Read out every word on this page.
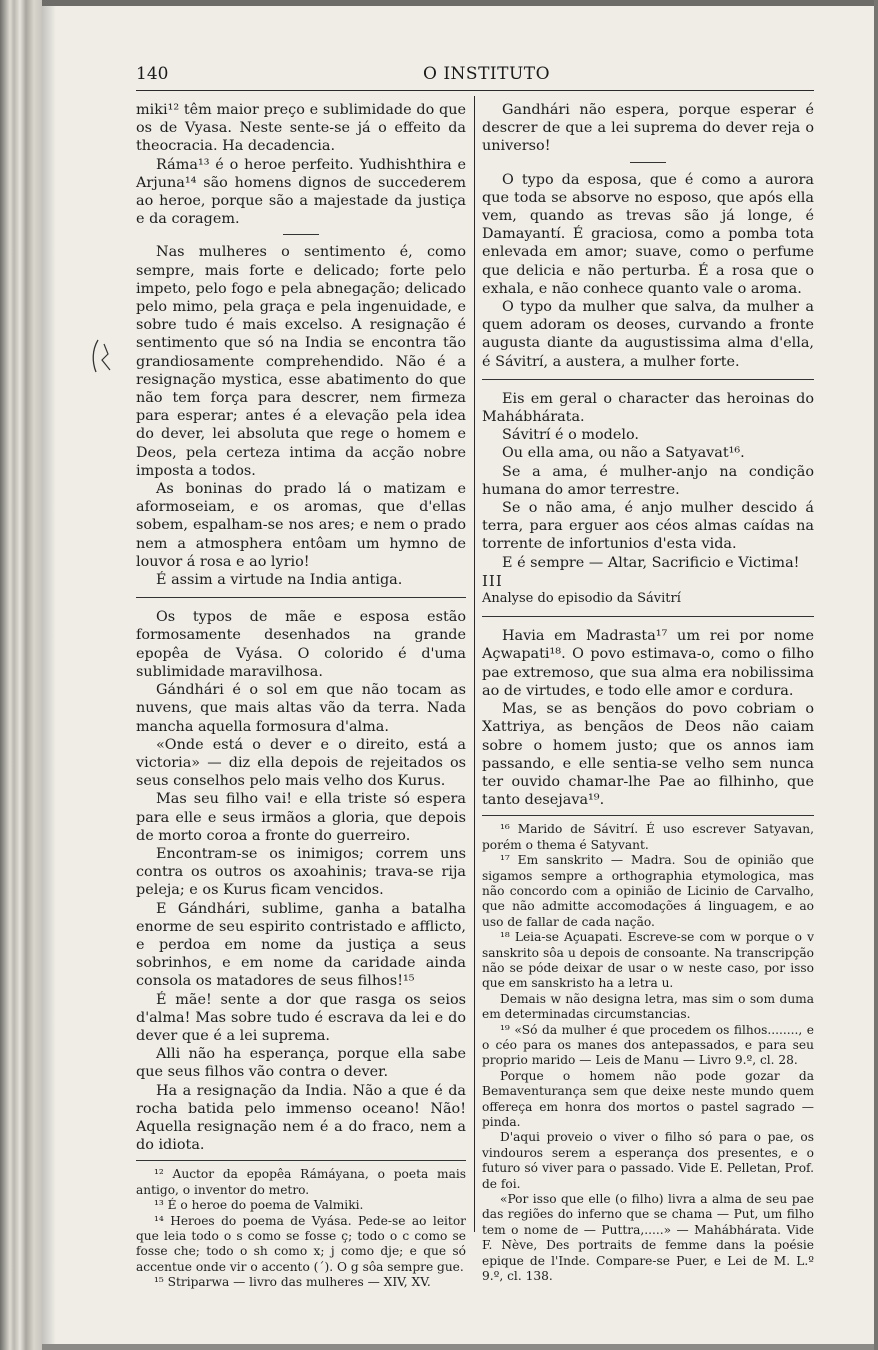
140	O INSTITUTO

miki¹² têm maior preço e sublimidade do que os de Vyasa. Neste sente-se já o effeito da theocracia. Ha decadencia.

Ráma¹³ é o heroe perfeito. Yudhishthira e Arjuna¹⁴ são homens dignos de succederem ao heroe, porque são a majestade da justiça e da coragem.

Nas mulheres o sentimento é, como sempre, mais forte e delicado; forte pelo impeto, pelo fogo e pela abnegação; delicado pelo mimo, pela graça e pela ingenuidade, e sobre tudo é mais excelso. A resignação é sentimento que só na India se encontra tão grandiosamente comprehendido. Não é a resignação mystica, esse abatimento do que não tem força para descrer, nem firmeza para esperar; antes é a elevação pela idea do dever, lei absoluta que rege o homem e Deos, pela certeza intima da acção nobre imposta a todos.

As boninas do prado lá o matizam e aformoseiam, e os aromas, que d'ellas sobem, espalham-se nos ares; e nem o prado nem a atmosphera entôam um hymno de louvor á rosa e ao lyrio!

É assim a virtude na India antiga.

Os typos de mãe e esposa estão formosamente desenhados na grande epopêa de Vyása. O colorido é d'uma sublimidade maravilhosa.

Gándhári é o sol em que não tocam as nuvens, que mais altas vão da terra. Nada mancha aquella formosura d'alma.

«Onde está o dever e o direito, está a victoria» — diz ella depois de rejeitados os seus conselhos pelo mais velho dos Kurus.

Mas seu filho vai! e ella triste só espera para elle e seus irmãos a gloria, que depois de morto coroa a fronte do guerreiro.

Encontram-se os inimigos; correm uns contra os outros os axoahinis; trava-se rija peleja; e os Kurus ficam vencidos.

E Gándhári, sublime, ganha a batalha enorme de seu espirito contristado e afflicto, e perdoa em nome da justiça a seus sobrinhos, e em nome da caridade ainda consola os matadores de seus filhos!¹⁵

É mãe! sente a dor que rasga os seios d'alma! Mas sobre tudo é escrava da lei e do dever que é a lei suprema.

Alli não ha esperança, porque ella sabe que seus filhos vão contra o dever.

Ha a resignação da India. Não a que é da rocha batida pelo immenso oceano! Não! Aquella resignação nem é a do fraco, nem a do idiota.

¹² Auctor da epopêa Rámáyana, o poeta mais antigo, o inventor do metro.

¹³ É o heroe do poema de Valmiki.

¹⁴ Heroes do poema de Vyása. Pede-se ao leitor que leia todo o s como se fosse ç; todo o c como se fosse che; todo o sh como x; j como dje; e que só accentue onde vir o accento (´). O g sôa sempre gue.

¹⁵ Striparwa — livro das mulheres — XIV, XV.

Gandhári não espera, porque esperar é descrer de que a lei suprema do dever reja o universo!

O typo da esposa, que é como a aurora que toda se absorve no esposo, que após ella vem, quando as trevas são já longe, é Damayantí. É graciosa, como a pomba tota enlevada em amor; suave, como o perfume que delicia e não perturba. É a rosa que o exhala, e não conhece quanto vale o aroma.

O typo da mulher que salva, da mulher a quem adoram os deoses, curvando a fronte augusta diante da augustissima alma d'ella, é Sávitrí, a austera, a mulher forte.

Eis em geral o character das heroinas do Mahábhárata.

Sávitrí é o modelo.

Ou ella ama, ou não a Satyavat¹⁶.

Se a ama, é mulher-anjo na condição humana do amor terrestre.

Se o não ama, é anjo mulher descido á terra, para erguer aos céos almas caídas na torrente de infortunios d'esta vida.

E é sempre — Altar, Sacrificio e Victima!

III

Analyse do episodio da Sávitrí

Havia em Madrasta¹⁷ um rei por nome Açwapati¹⁸. O povo estimava-o, como o filho pae extremoso, que sua alma era nobilissima ao de virtudes, e todo elle amor e cordura.

Mas, se as bençãos do povo cobriam o Xattriya, as bençãos de Deos não caiam sobre o homem justo; que os annos iam passando, e elle sentia-se velho sem nunca ter ouvido chamar-lhe Pae ao filhinho, que tanto desejava¹⁹.

¹⁶ Marido de Sávitrí. É uso escrever Satyavan, porém o thema é Satyvant.

¹⁷ Em sanskrito — Madra. Sou de opinião que sigamos sempre a orthographia etymologica, mas não concordo com a opinião de Licinio de Carvalho, que não admitte accomodações á linguagem, e ao uso de fallar de cada nação.

¹⁸ Leia-se Açuapati. Escreve-se com w porque o v sanskrito sôa u depois de consoante. Na transcripção não se póde deixar de usar o w neste caso, por isso que em sanskristo ha a letra u.

Demais w não designa letra, mas sim o som duma em determinadas circumstancias.

¹⁹ «Só da mulher é que procedem os filhos........, e o céo para os manes dos antepassados, e para seu proprio marido — Leis de Manu — Livro 9.º, cl. 28.

Porque o homem não pode gozar da Bemaventurança sem que deixe neste mundo quem offereça em honra dos mortos o pastel sagrado — pinda.

D'aqui proveio o viver o filho só para o pae, os vindouros serem a esperança dos presentes, e o futuro só viver para o passado. Vide E. Pelletan, Prof. de foi.

«Por isso que elle (o filho) livra a alma de seu pae das regiões do inferno que se chama — Put, um filho tem o nome de — Puttra,.....» — Mahábhárata. Vide F. Nève, Des portraits de femme dans la poésie epique de l'Inde. Compare-se Puer, e Lei de M. L.º 9.º, cl. 138.
